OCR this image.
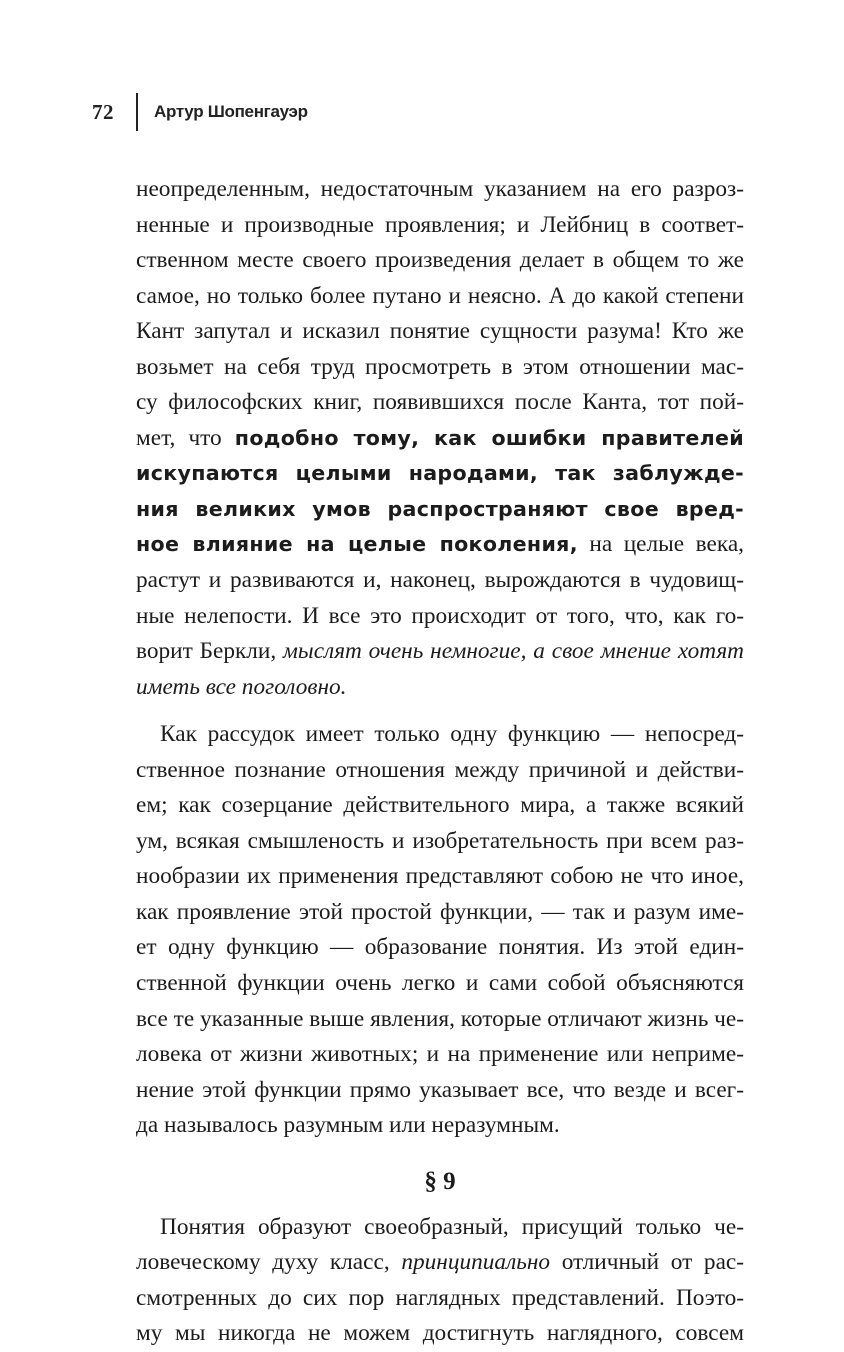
72 Артур Шопенгауэр
неопределенным, недостаточным указанием на его разроз-
ненные и производные проявления; и Лейбниц в соответ-
ственном месте своего произведения делает в общем то же
самое, но только более путано и неясно. А до какой степени
Кант запутал и исказил понятие сущности разума! Кто же
возьмет на себя труд просмотреть в этом отношении мас-
су философских книг, появившихся после Канта, тот пой-
мет, что подобно тому, как ошибки правителей
искупаются целыми народами, так заблужде-
ния великих умов распространяют свое вред-
ное влияние на целые поколения, на целые века,
растут и развиваются и, наконец, вырождаются в чудовищ-
ные нелепости. И все это происходит от того, что, как го-
ворит Беркли, мыслят очень немногие, а свое мнение хотят
иметь все поголовно.
Как рассудок имеет только одну функцию — непосред-
ственное познание отношения между причиной и действи-
ем; как созерцание действительного мира, а также всякий
ум, всякая смышленость и изобретательность при всем раз-
нообразии их применения представляют собою не что иное,
как проявление этой простой функции, — так и разум име-
ет одну функцию — образование понятия. Из этой един-
ственной функции очень легко и сами собой объясняются
все те указанные выше явления, которые отличают жизнь че-
ловека от жизни животных; и на применение или неприме-
нение этой функции прямо указывает все, что везде и всег-
да называлось разумным или неразумным.
§ 9
Понятия образуют своеобразный, присущий только че-
ловеческому духу класс, принципиально отличный от рас-
смотренных до сих пор наглядных представлений. Поэто-
му мы никогда не можем достигнуть наглядного, совсем
